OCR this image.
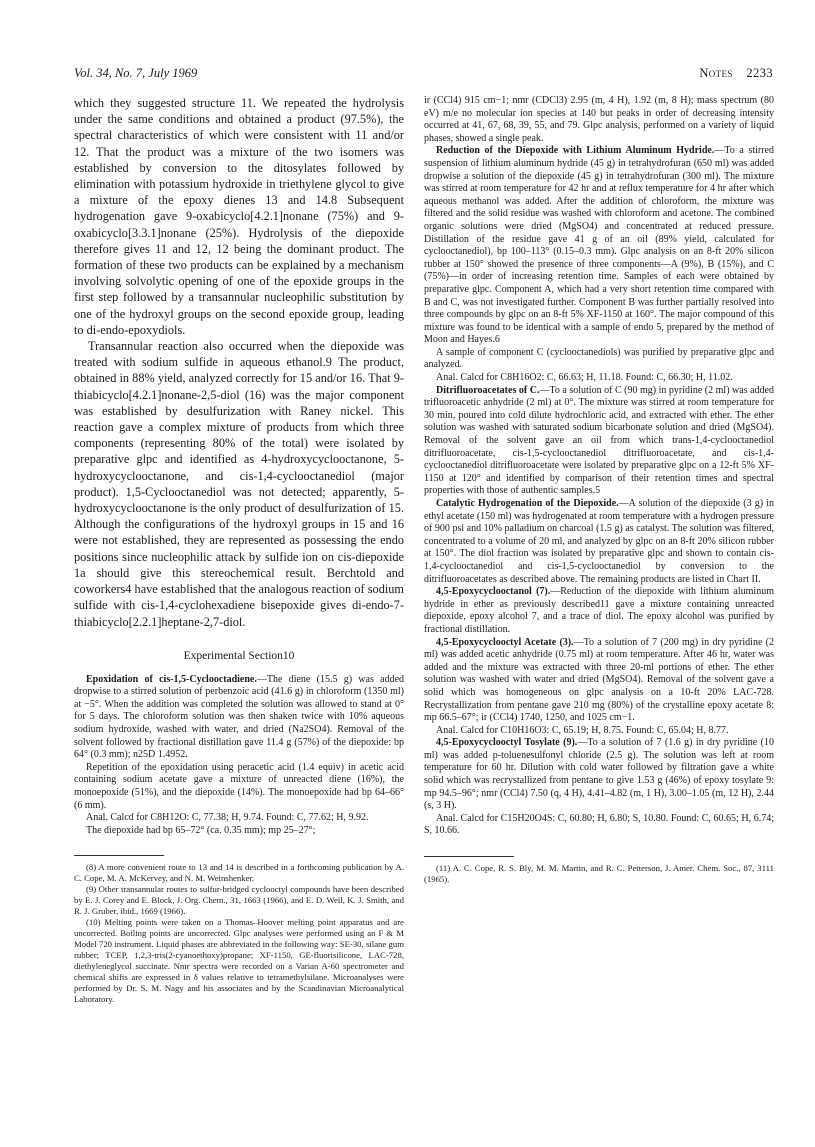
Vol. 34, No. 7, July 1969	Notes 2233

which they suggested structure 11. We repeated the hydrolysis under the same conditions and obtained a product (97.5%), the spectral characteristics of which were consistent with 11 and/or 12. That the product was a mixture of the two isomers was established by conversion to the ditosylates followed by elimination with potassium hydroxide in triethylene glycol to give a mixture of the epoxy dienes 13 and 14.8 Subsequent hydrogenation gave 9-oxabicyclo[4.2.1]nonane (75%) and 9-oxabicyclo[3.3.1]nonane (25%). Hydrolysis of the diepoxide therefore gives 11 and 12, 12 being the dominant product. The formation of these two products can be explained by a mechanism involving solvolytic opening of one of the epoxide groups in the first step followed by a transannular nucleophilic substitution by one of the hydroxyl groups on the second epoxide group, leading to di-endo-epoxydiols.

Transannular reaction also occurred when the diepoxide was treated with sodium sulfide in aqueous ethanol.9 The product, obtained in 88% yield, analyzed correctly for 15 and/or 16. That 9-thiabicyclo[4.2.1]nonane-2,5-diol (16) was the major component was established by desulfurization with Raney nickel. This reaction gave a complex mixture of products from which three components (representing 80% of the total) were isolated by preparative glpc and identified as 4-hydroxycyclooctanone, 5-hydroxycyclooctanone, and cis-1,4-cyclooctanediol (major product). 1,5-Cyclooctanediol was not detected; apparently, 5-hydroxycyclooctanone is the only product of desulfurization of 15. Although the configurations of the hydroxyl groups in 15 and 16 were not established, they are represented as possessing the endo positions since nucleophilic attack by sulfide ion on cis-diepoxide 1a should give this stereochemical result. Berchtold and coworkers4 have established that the analogous reaction of sodium sulfide with cis-1,4-cyclohexadiene bisepoxide gives di-endo-7-thiabicyclo[2.2.1]heptane-2,7-diol.

Experimental Section10

Epoxidation of cis-1,5-Cyclooctadiene.—The diene (15.5 g) was added dropwise to a stirred solution of perbenzoic acid (41.6 g) in chloroform (1350 ml) at −5°. When the addition was completed the solution was allowed to stand at 0° for 5 days. The chloroform solution was then shaken twice with 10% aqueous sodium hydroxide, washed with water, and dried (Na2SO4). Removal of the solvent followed by fractional distillation gave 11.4 g (57%) of the diepoxide: bp 64° (0.3 mm); n25D 1.4952.

Repetition of the epoxidation using peracetic acid (1.4 equiv) in acetic acid containing sodium acetate gave a mixture of unreacted diene (16%), the monoepoxide (51%), and the diepoxide (14%). The monoepoxide had bp 64–66° (6 mm).

Anal. Calcd for C8H12O: C, 77.38; H, 9.74. Found: C, 77.62; H, 9.92.

The diepoxide had bp 65–72° (ca. 0.35 mm); mp 25–27°;

(8) A more convenient route to 13 and 14 is described in a forthcoming publication by A. C. Cope, M. A. McKervey, and N. M. Weinshenker.

(9) Other transannular routes to sulfur-bridged cyclooctyl compounds have been described by E. J. Corey and E. Block, J. Org. Chem., 31, 1663 (1966), and E. D. Weil, K. J. Smith, and R. J. Gruber, ibid., 1669 (1966).

(10) Melting points were taken on a Thomas–Hoover melting point apparatus and are uncorrected. Boiling points are uncorrected. Glpc analyses were performed using an F & M Model 720 instrument. Liquid phases are abbreviated in the following way: SE-30, silane gum rubber; TCEP, 1,2,3-tris(2-cyanoethoxy)propane; XF-1150, GE-fluorisilicone, LAC-728, diethyleneglycol succinate. Nmr spectra were recorded on a Varian A-60 spectrometer and chemical shifts are expressed in δ values relative to tetramethylsilane. Microanalyses were performed by Dr. S. M. Nagy and his associates and by the Scandinavian Microanalytical Laboratory.

ir (CCl4) 915 cm−1; nmr (CDCl3) 2.95 (m, 4 H), 1.92 (m, 8 H); mass spectrum (80 eV) m/e no molecular ion species at 140 but peaks in order of decreasing intensity occurred at 41, 67, 68, 39, 55, and 79. Glpc analysis, performed on a variety of liquid phases, showed a single peak.

Reduction of the Diepoxide with Lithium Aluminum Hydride.—To a stirred suspension of lithium aluminum hydride (45 g) in tetrahydrofuran (650 ml) was added dropwise a solution of the diepoxide (45 g) in tetrahydrofuran (300 ml). The mixture was stirred at room temperature for 42 hr and at reflux temperature for 4 hr after which aqueous methanol was added. After the addition of chloroform, the mixture was filtered and the solid residue was washed with chloroform and acetone. The combined organic solutions were dried (MgSO4) and concentrated at reduced pressure. Distillation of the residue gave 41 g of an oil (89% yield, calculated for cyclooctanediol), bp 100–113° (0.15–0.3 mm). Glpc analysis on an 8-ft 20% silicon rubber at 150° showed the presence of three components—A (9%), B (15%), and C (75%)—in order of increasing retention time. Samples of each were obtained by preparative glpc. Component A, which had a very short retention time compared with B and C, was not investigated further. Component B was further partially resolved into three compounds by glpc on an 8-ft 5% XF-1150 at 160°. The major compound of this mixture was found to be identical with a sample of endo 5, prepared by the method of Moon and Hayes.6

A sample of component C (cyclooctanediols) was purified by preparative glpc and analyzed.

Anal. Calcd for C8H16O2: C, 66.63; H, 11.18. Found: C, 66.30; H, 11.02.

Ditrifluoroacetates of C.—To a solution of C (90 mg) in pyridine (2 ml) was added trifluoroacetic anhydride (2 ml) at 0°. The mixture was stirred at room temperature for 30 min, poured into cold dilute hydrochloric acid, and extracted with ether. The ether solution was washed with saturated sodium bicarbonate solution and dried (MgSO4). Removal of the solvent gave an oil from which trans-1,4-cyclooctanediol ditrifluoroacetate, cis-1,5-cyclooctanediol ditrifluoroacetate, and cis-1,4-cyclooctanediol ditrifluoroacetate were isolated by preparative glpc on a 12-ft 5% XF-1150 at 120° and identified by comparison of their retention times and spectral properties with those of authentic samples.5

Catalytic Hydrogenation of the Diepoxide.—A solution of the diepoxide (3 g) in ethyl acetate (150 ml) was hydrogenated at room temperature with a hydrogen pressure of 900 psi and 10% palladium on charcoal (1.5 g) as catalyst. The solution was filtered, concentrated to a volume of 20 ml, and analyzed by glpc on an 8-ft 20% silicon rubber at 150°. The diol fraction was isolated by preparative glpc and shown to contain cis-1,4-cyclooctanediol and cis-1,5-cyclooctanediol by conversion to the ditrifluoroacetates as described above. The remaining products are listed in Chart II.

4,5-Epoxycyclooctanol (7).—Reduction of the diepoxide with lithium aluminum hydride in ether as previously described11 gave a mixture containing unreacted diepoxide, epoxy alcohol 7, and a trace of diol. The epoxy alcohol was purified by fractional distillation.

4,5-Epoxycyclooctyl Acetate (3).—To a solution of 7 (200 mg) in dry pyridine (2 ml) was added acetic anhydride (0.75 ml) at room temperature. After 46 hr, water was added and the mixture was extracted with three 20-ml portions of ether. The ether solution was washed with water and dried (MgSO4). Removal of the solvent gave a solid which was homogeneous on glpc analysis on a 10-ft 20% LAC-728. Recrystallization from pentane gave 210 mg (80%) of the crystalline epoxy acetate 8: mp 66.5–67°; ir (CCl4) 1740, 1250, and 1025 cm−1.

Anal. Calcd for C10H16O3: C, 65.19; H, 8.75. Found: C, 65.04; H, 8.77.

4,5-Epoxycyclooctyl Tosylate (9).—To a solution of 7 (1.6 g) in dry pyridine (10 ml) was added p-toluenesulfonyl chloride (2.5 g). The solution was left at room temperature for 60 hr. Dilution with cold water followed by filtration gave a white solid which was recrystallized from pentane to give 1.53 g (46%) of epoxy tosylate 9: mp 94.5–96°; nmr (CCl4) 7.50 (q, 4 H), 4.41–4.82 (m, 1 H), 3.00–1.05 (m, 12 H), 2.44 (s, 3 H).

Anal. Calcd for C15H20O4S: C, 60.80; H, 6.80; S, 10.80. Found: C, 60.65; H, 6.74; S, 10.66.

(11) A. C. Cope, R. S. Bly, M. M. Martin, and R. C. Petterson, J. Amer. Chem. Soc., 87, 3111 (1965).
